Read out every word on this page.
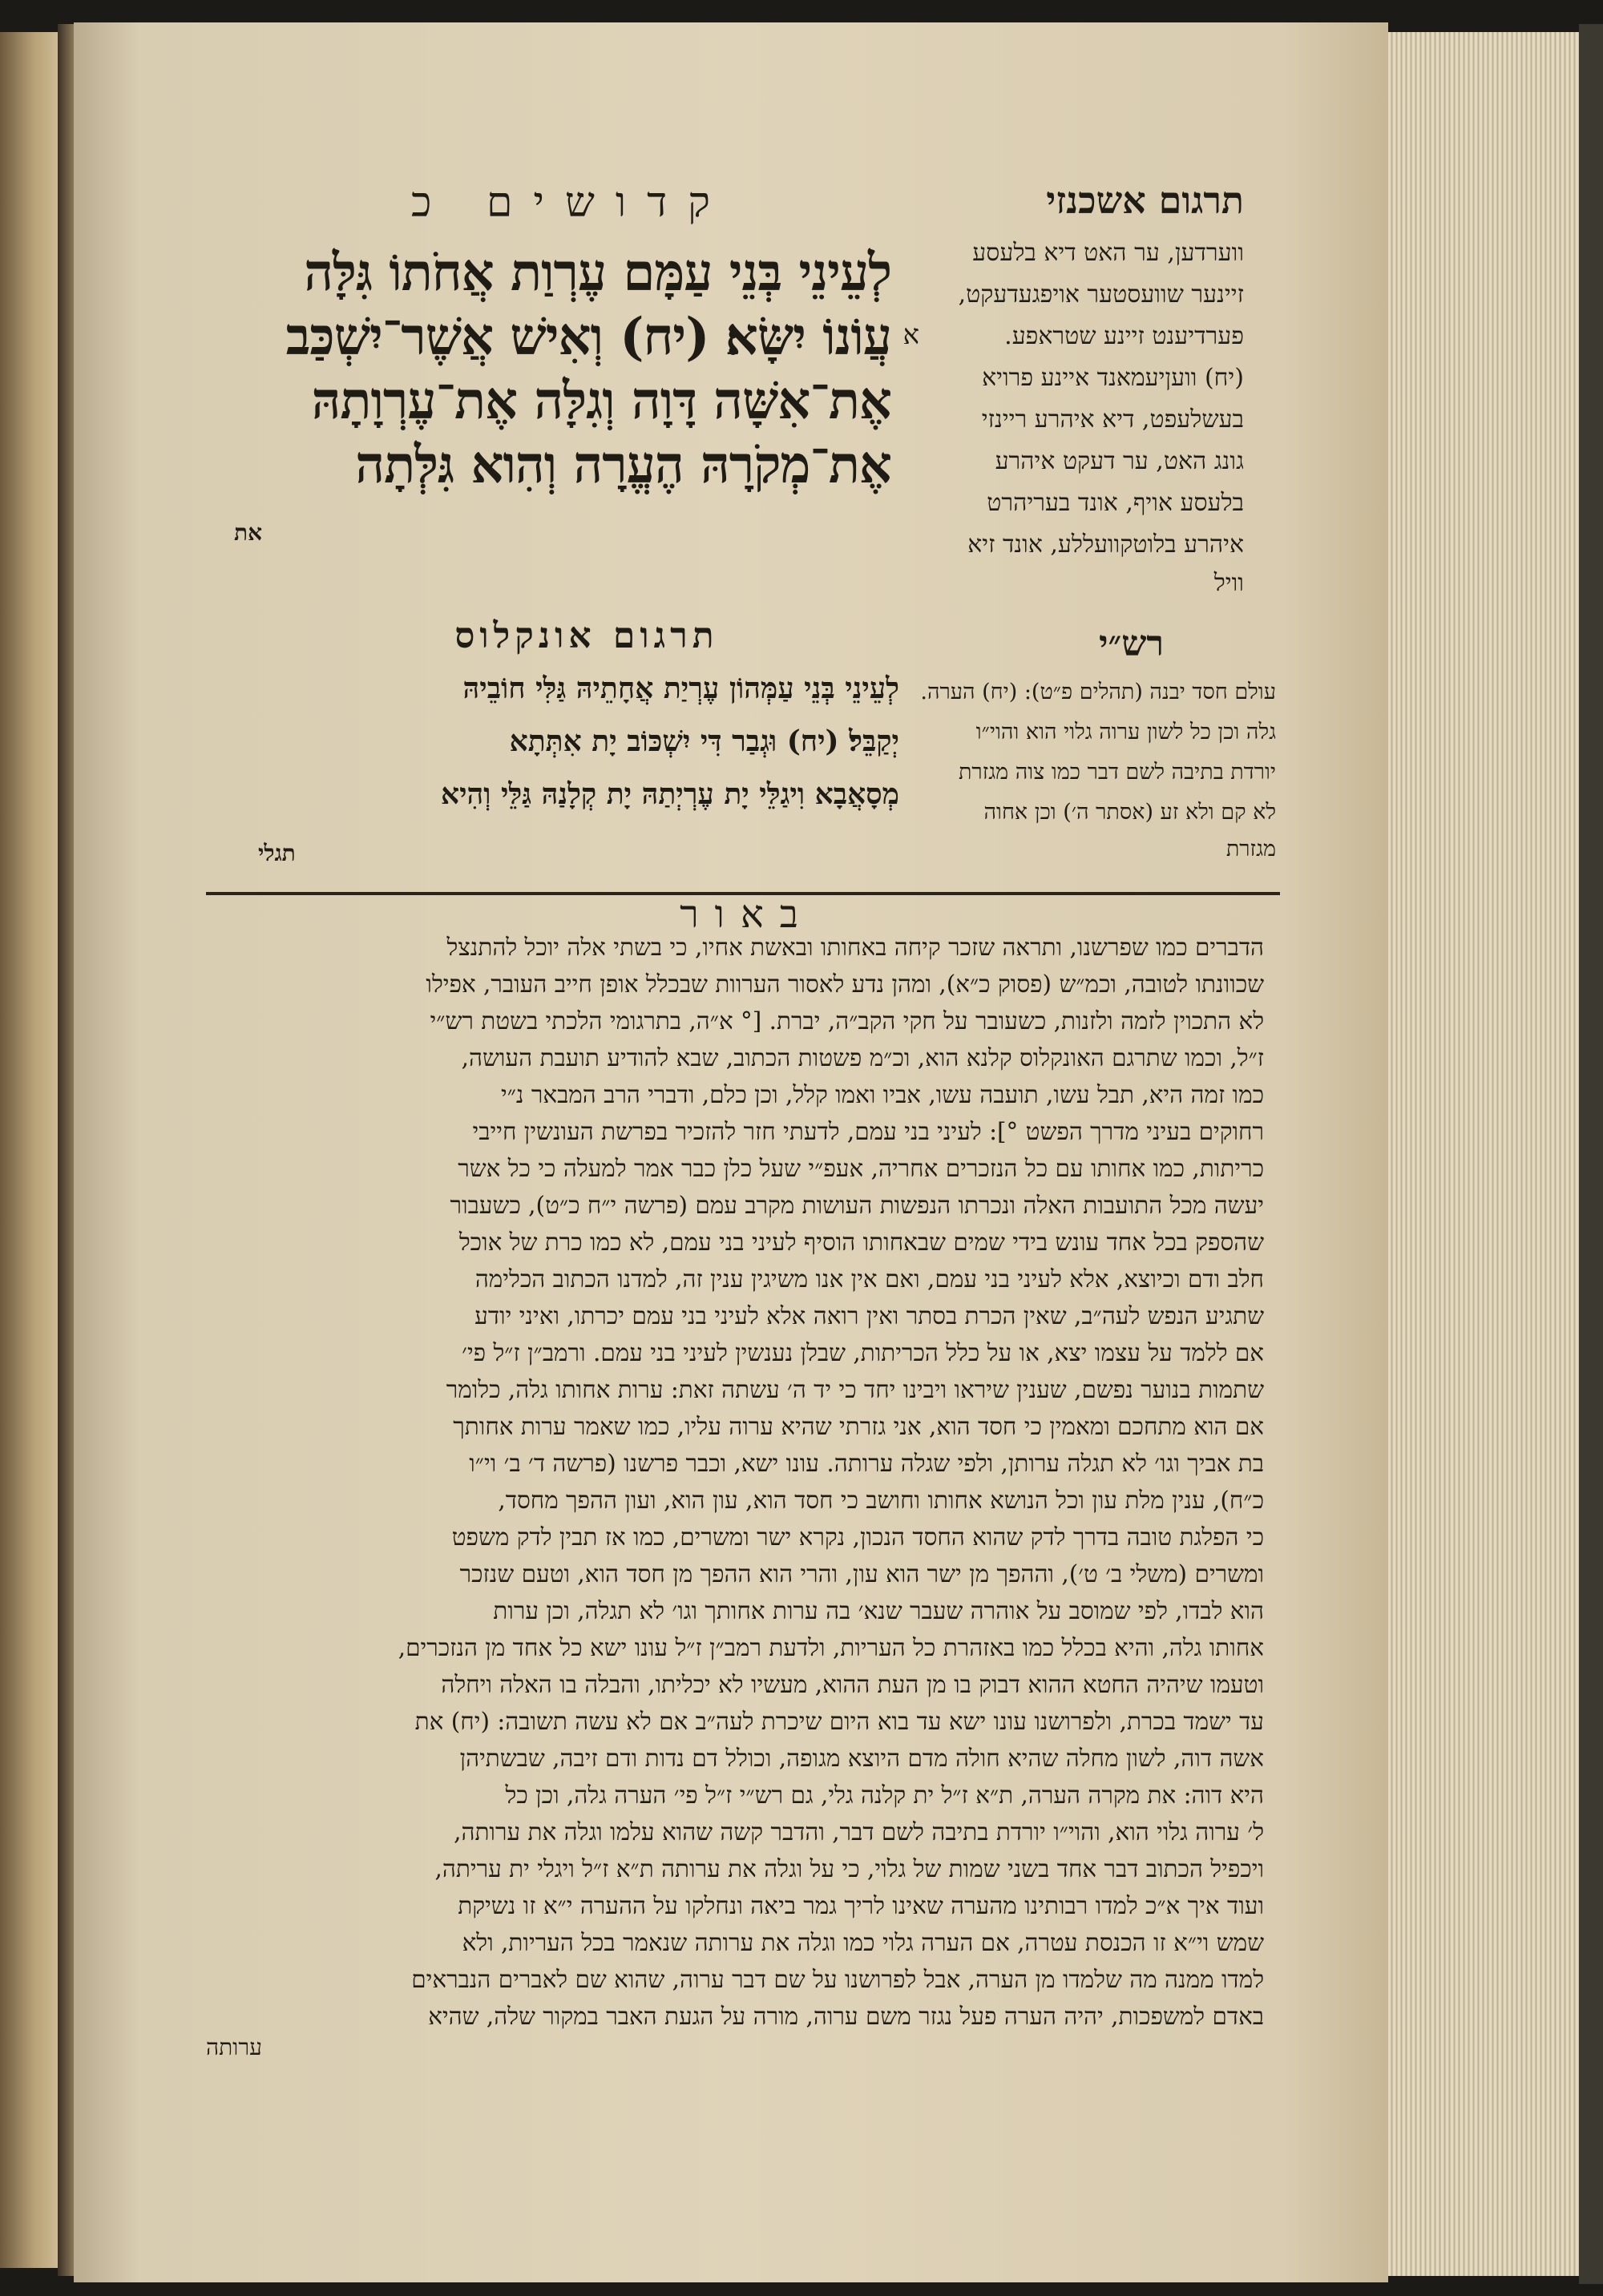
תרגום אשכנזי
ווערדען, ער האט דיא בלעסע
זיינער שוועסטער אויפגעדעקט,
פערדיענט זיינע שטראפע.
(יח) וועןיעמאנד איינע פרויא
בעשלעפט, דיא איהרע ריינזי
גונג האט, ער דעקט איהרע
בלעסע אויף, אונד בעריהרט
איהרע בלוטקוועללע, אונד זיא
וויל
קדושים כ
א
לְעֵינֵי בְּנֵי עַמָּם עֶרְוַת אֲחֹתוֹ גִּלָּה
עֲוֹנוֹ יִשָּׂא׃ (יח) וְאִישׁ אֲשֶׁר־יִשְׁכַּב
אֶת־אִשָּׁה דָּוָה וְגִלָּה אֶת־עֶרְוָתָהּ
אֶת־מְקֹרָהּ הֶעֱרָה וְהִוא גִּלְּתָה
את
תרגום אונקלוס
לְעֵינֵי בְּנֵי עַמְּהוֹן עֶרְיַת אֲחָתֵיהּ גַּלִּי חוֹבֵיהּ
יְקַבֵּל׃ (יח) וּגְבַר דִּי יִשְׁכּוֹב יָת אִתְּתָא
מְסָאֲבָא וִיגַלֵּי יָת עֶרְיְתַהּ יָת קְלָנַהּ גַּלֵּי וְהִיא
תגלי
רש״י
עולם חסד יבנה (תהלים פ״ט): (יח) הערה.
גלה וכן כל לשון ערוה גלוי הוא והוי״ו
יורדת בתיבה לשם דבר כמו צוה מגזרת
לא קם ולא זע (אסתר ה׳) וכן אחוה
מגזרת
באור
הדברים כמו שפרשנו, ותראה שזכר קיחה באחותו ובאשת אחיו, כי בשתי אלה יוכל להתנצל
שכוונתו לטובה, וכמ״ש (פסוק כ״א), ומהן נדע לאסור הערוות שבכלל אופן חייב העובר, אפילו
לא התכוין לזמה ולזנות, כשעובר על חקי הקב״ה, יברת. [° א״ה, בתרגומי הלכתי בשטת רש״י
ז״ל, וכמו שתרגם האונקלוס קלנא הוא, וכ״מ פשטות הכתוב, שבא להודיע תועבת העושה,
כמו זמה היא, תבל עשו, תועבה עשו, אביו ואמו קלל, וכן כלם, ודברי הרב המבאר נ״י
רחוקים בעיני מדרך הפשט °]: לעיני בני עמם, לדעתי חזר להזכיר בפרשת העונשין חייבי
כריתות, כמו אחותו עם כל הנזכרים אחריה, אעפ״י שעל כלן כבר אמר למעלה כי כל אשר
יעשה מכל התועבות האלה ונכרתו הנפשות העושות מקרב עמם (פרשה י״ח כ״ט), כשעבור
שהספק בכל אחד עונש בידי שמים שבאחותו הוסיף לעיני בני עמם, לא כמו כרת של אוכל
חלב ודם וכיוצא, אלא לעיני בני עמם, ואם אין אנו משיגין ענין זה, למדנו הכתוב הכלימה
שתגיע הנפש לעה״ב, שאין הכרת בסתר ואין רואה אלא לעיני בני עמם יכרתו, ואיני יודע
אם ללמד על עצמו יצא, או על כלל הכריתות, שבלן נענשין לעיני בני עמם. ורמב״ן ז״ל פי׳
שתמות בנוער נפשם, שענין שיראו ויבינו יחד כי יד ה׳ עשתה זאת: ערות אחותו גלה, כלומר
אם הוא מתחכם ומאמין כי חסד הוא, אני גזרתי שהיא ערוה עליו, כמו שאמר ערות אחותך
בת אביך וגו׳ לא תגלה ערותן, ולפי שגלה ערותה. עונו ישא, וכבר פרשנו (פרשה ד׳ ב׳ וי״ו
כ״ח), ענין מלת עון וכל הנושא אחותו וחושב כי חסד הוא, עון הוא, ועון ההפך מחסד,
כי הפלגת טובה בדרך לדק שהוא החסד הנכון, נקרא ישר ומשרים, כמו אז תבין לדק משפט
ומשרים (משלי ב׳ ט׳), וההפך מן ישר הוא עון, והרי הוא ההפך מן חסד הוא, וטעם שנזכר
הוא לבדו, לפי שמוסב על אוהרה שעבר שנא׳ בה ערות אחותך וגו׳ לא תגלה, וכן ערות
אחותו גלה, והיא בכלל כמו באזהרת כל העריות, ולדעת רמב״ן ז״ל עונו ישא כל אחד מן הנזכרים,
וטעמו שיהיה החטא ההוא דבוק בו מן העת ההוא, מעשיו לא יכליתו, והבלה בו האלה ויחלה
עד ישמד בכרת, ולפרושנו עונו ישא עד בוא היום שיכרת לעה״ב אם לא עשה תשובה: (יח) את
אשה דוה, לשון מחלה שהיא חולה מדם היוצא מגופה, וכולל דם נדות ודם זיבה, שבשתיהן
היא דוה: את מקרה הערה, ת״א ז״ל ית קלנה גלי, גם רש״י ז״ל פי׳ הערה גלה, וכן כל
ל׳ ערוה גלוי הוא, והוי״ו יורדת בתיבה לשם דבר, והדבר קשה שהוא עלמו וגלה את ערותה,
ויכפיל הכתוב דבר אחד בשני שמות של גלוי, כי על וגלה את ערותה ת״א ז״ל ויגלי ית עריתה,
ועוד איך א״כ למדו רבותינו מהערה שאינו לריך גמר ביאה ונחלקו על ההערה י״א זו נשיקת
שמש וי״א זו הכנסת עטרה, אם הערה גלוי כמו וגלה את ערותה שנאמר בכל העריות, ולא
למדו ממנה מה שלמדו מן הערה, אבל לפרושנו על שם דבר ערוה, שהוא שם לאברים הנבראים
באדם למשפכות, יהיה הערה פעל נגזר משם ערוה, מורה על הגעת האבר במקור שלה, שהיא
ערותה
